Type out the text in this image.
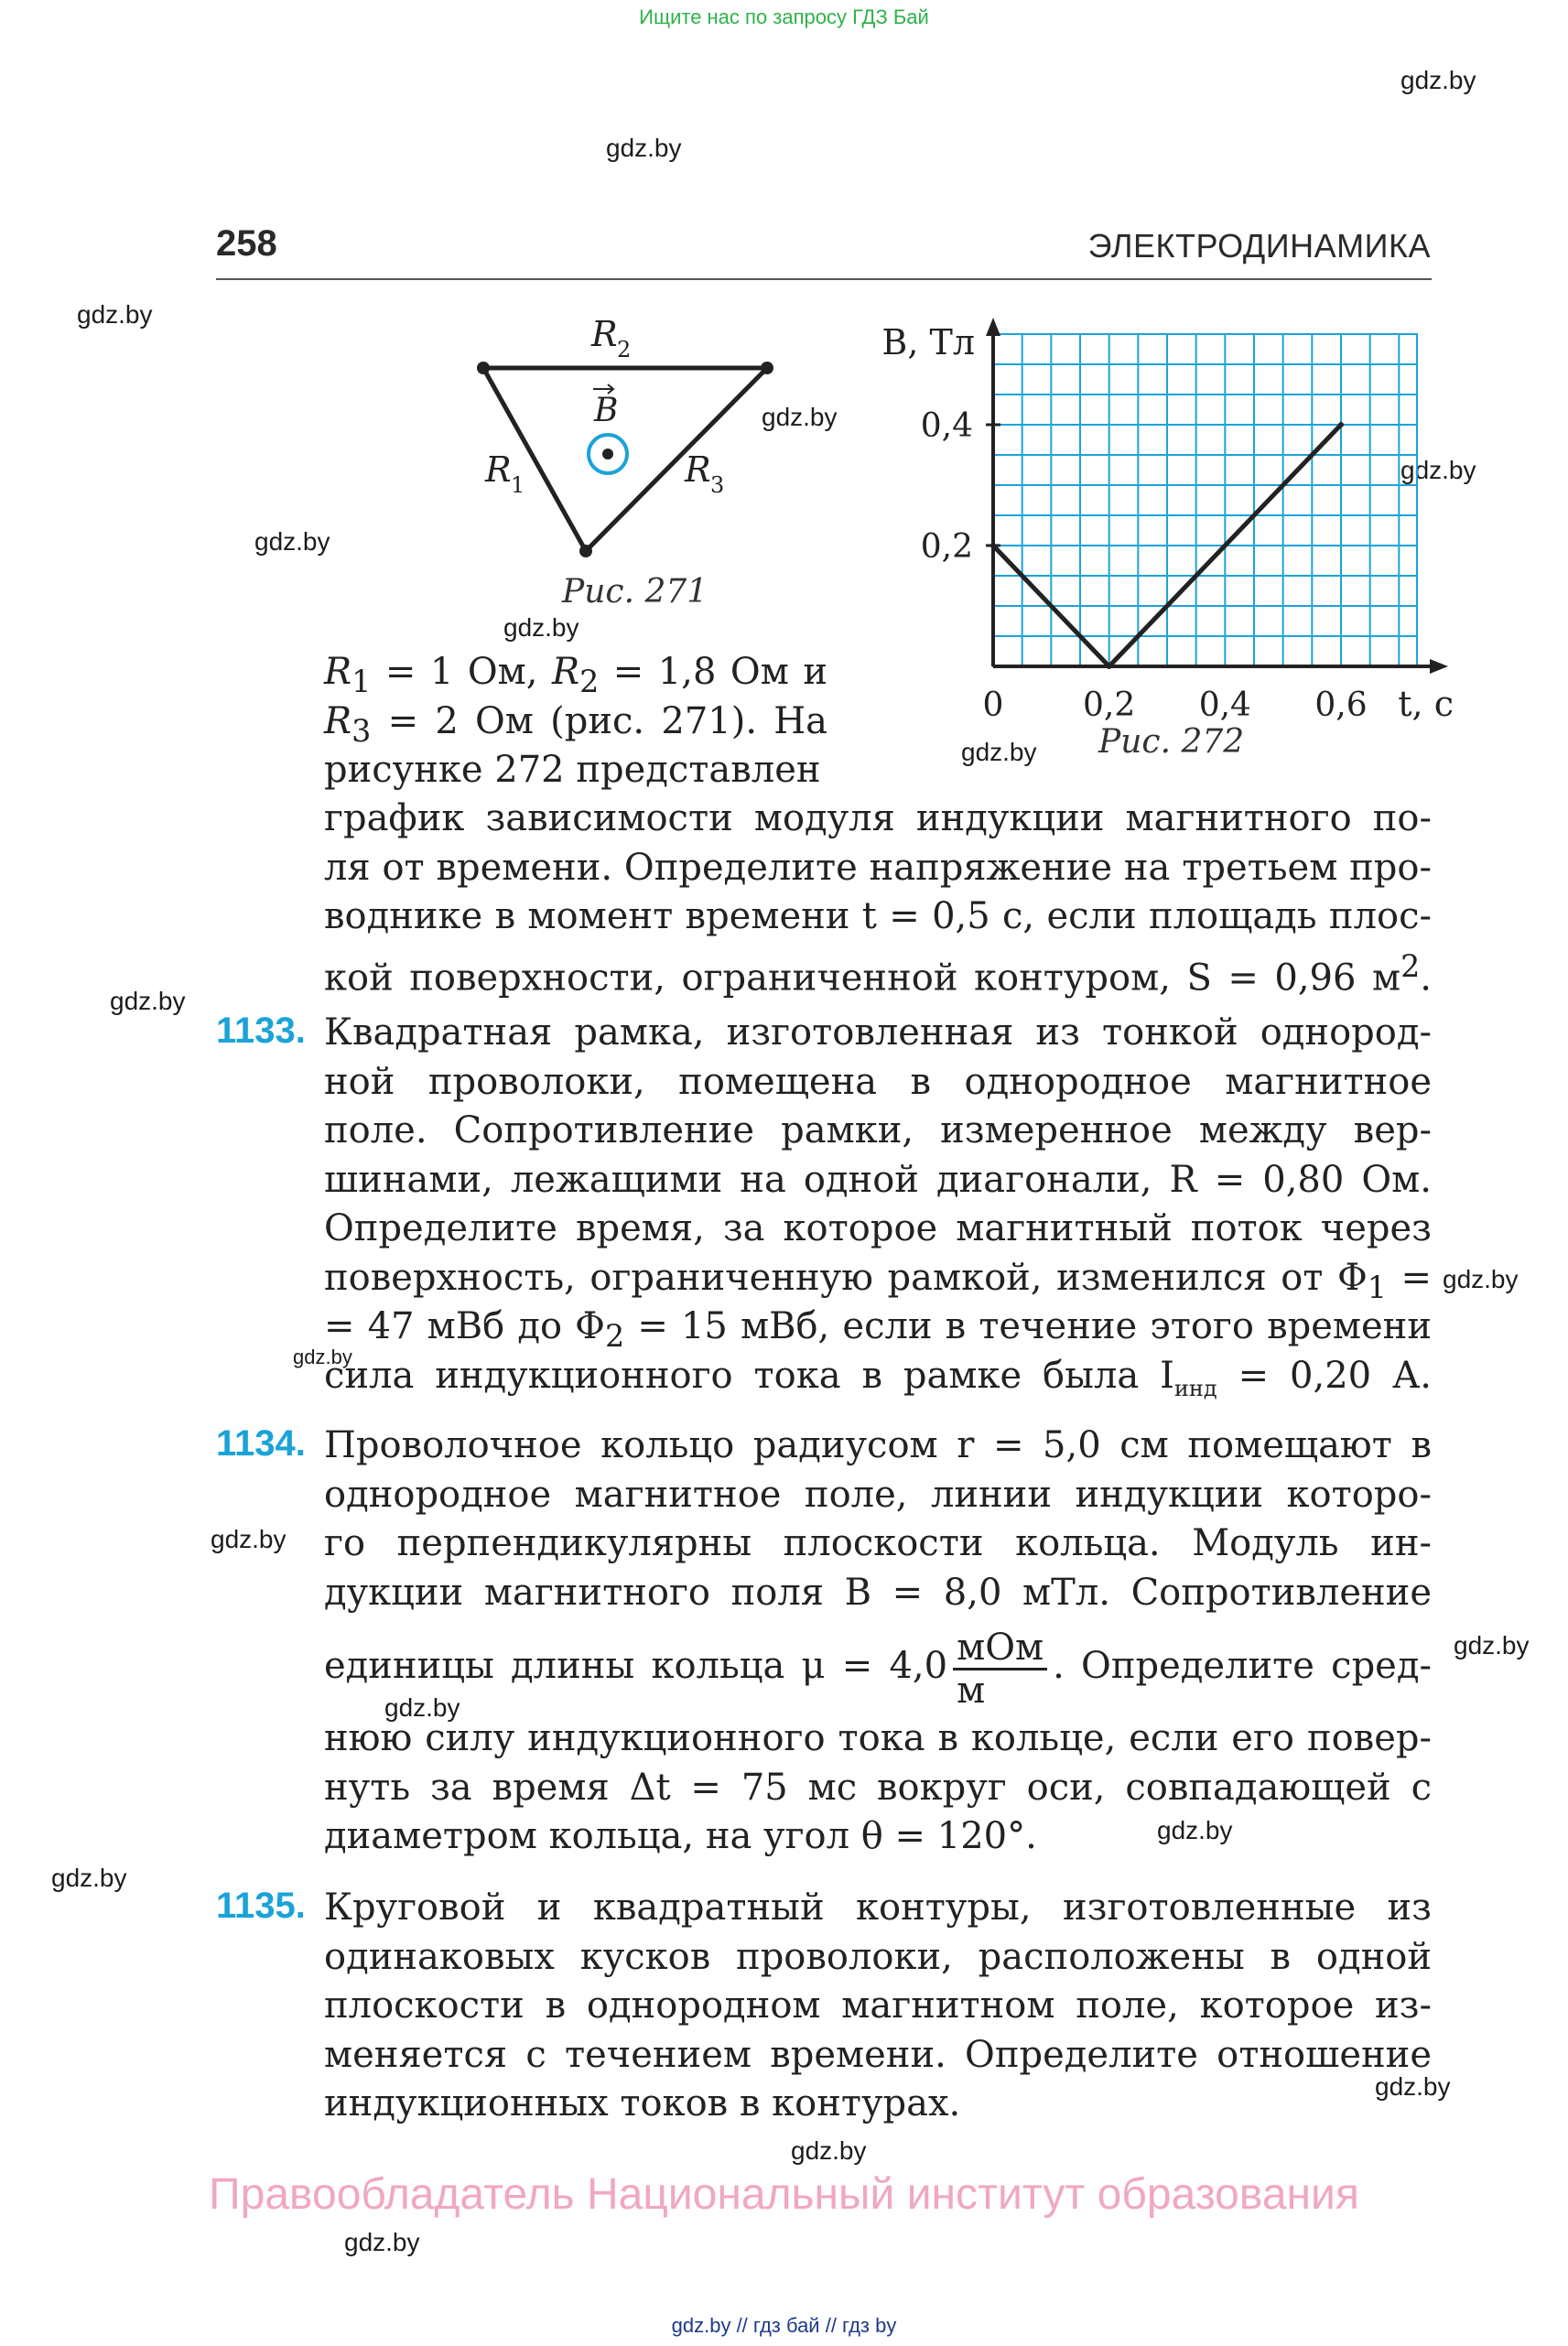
Ищите нас по запросу ГДЗ Бай
gdz.by
gdz.by
gdz.by
gdz.by
gdz.by
gdz.by
gdz.by
gdz.by
gdz.by
gdz.by
gdz.by
gdz.by
gdz.by
gdz.by
gdz.by
gdz.by
gdz.by
gdz.by
gdz.by
258	ЭЛЕКТРОДИНАМИКА
B
R 2
R 1	R 3
Рис. 271
0,2
0,4
0 0,2 0,4 0,6
B, Тл
t, с
Рис. 272
$R_1 = 1$ Ом, $R_2 = 1,8$ Ом и
$R_3 = 2$ Ом (рис. 271). На
рисунке 272 представлен
график зависимости модуля индукции магнитного по-
ля от времени. Определите напряжение на третьем про-
воднике в момент времени t = 0,5 с, если площадь плос-
кой поверхности, ограниченной контуром, S = 0,96 $м^2$.
1133. Квадратная рамка, изготовленная из тонкой однород-
ной проволоки, помещена в однородное магнитное
поле. Сопротивление рамки, измеренное между вер-
шинами, лежащими на одной диагонали, R = 0,80 Ом.
Определите время, за которое магнитный поток через
поверхность, ограниченную рамкой, изменился от $\Phi_1$ =
= 47 мВб до $\Phi_2 = 15$ мВб, если в течение этого времени
сила индукционного тока в рамке была $I_{инд} = 0,20$ А.
1134. Проволочное кольцо радиусом r = 5,0 см помещают в
однородное магнитное поле, линии индукции которо-
го перпендикулярны плоскости кольца. Модуль ин-
дукции магнитного поля B = 8,0 мТл. Сопротивление
единицы длины кольца $\mu = 4,0 \frac{\text{мОм}}{м}$ . Определите сред-
нюю силу индукционного тока в кольце, если его повер-
нуть за время Δt = 75 мс вокруг оси, совпадающей с
диаметром кольца, на угол θ = 120°.
1135. Круговой и квадратный контуры, изготовленные из
одинаковых кусков проволоки, расположены в одной
плоскости в однородном магнитном поле, которое из-
меняется с течением времени. Определите отношение
индукционных токов в контурах.
Правообладатель Национальный институт образования
gdz.by // гдз бай // гдз by
